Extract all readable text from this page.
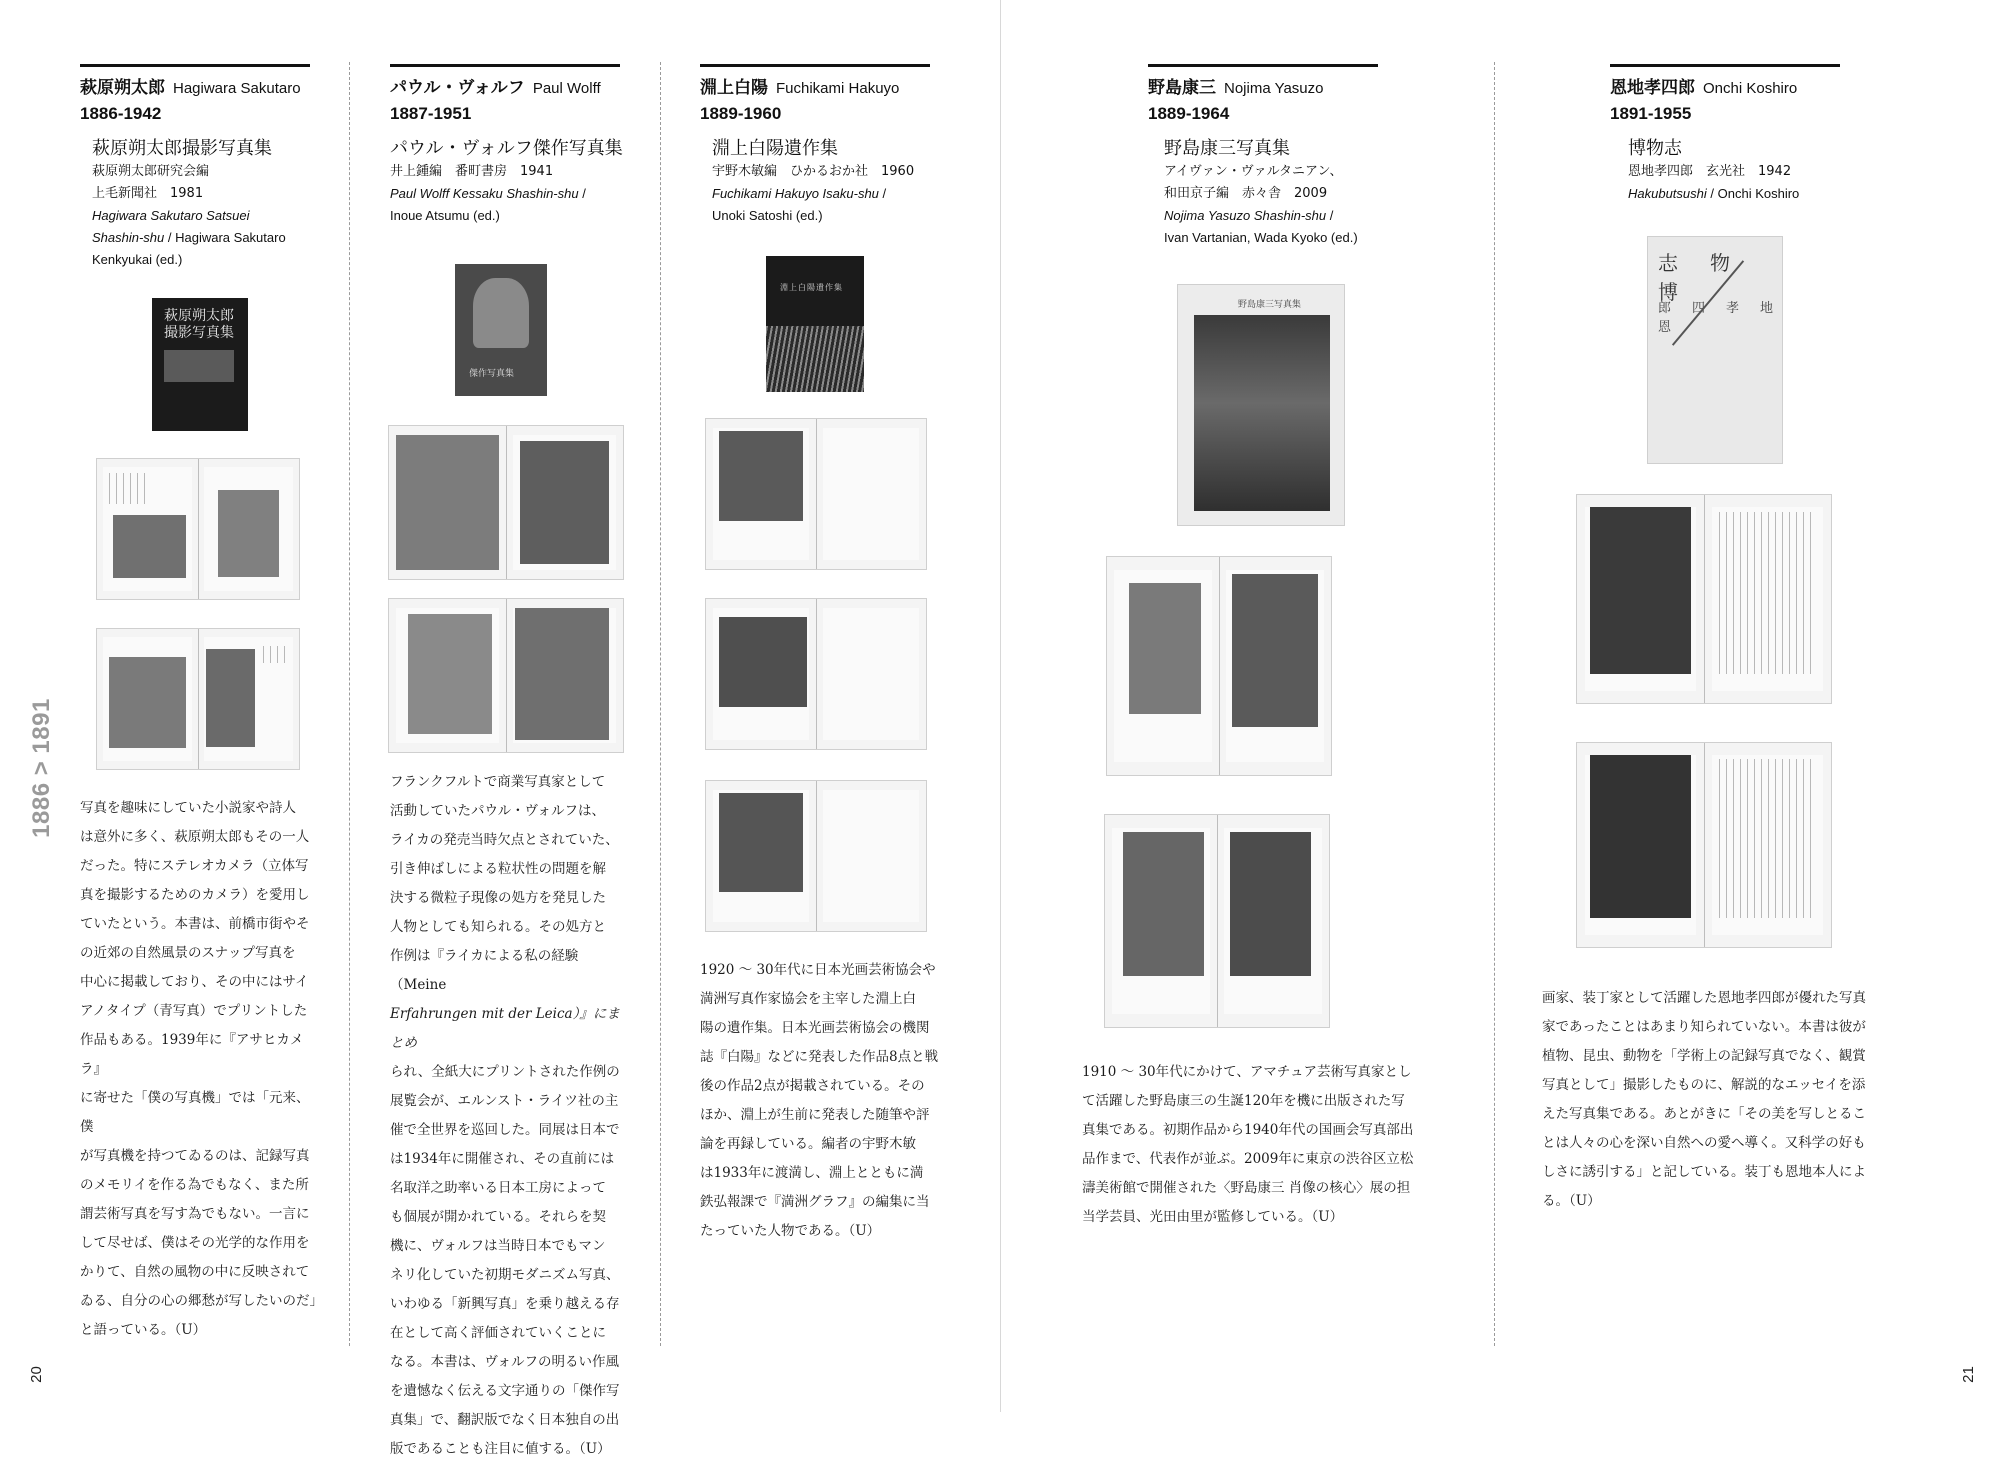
1886 > 1891
20	21
萩原朔太郎 Hagiwara Sakutaro
1886-1942
萩原朔太郎撮影写真集
萩原朔太郎研究会編
上毛新聞社　1981
Hagiwara Sakutaro Satsuei
Shashin-shu / Hagiwara Sakutaro
Kenkyukai (ed.)
萩原朔太郎
撮影写真集

写真を趣味にしていた小説家や詩人

は意外に多く、萩原朔太郎もその一人

だった。特にステレオカメラ（立体写

真を撮影するためのカメラ）を愛用し

ていたという。本書は、前橋市街やそ

の近郊の自然風景のスナップ写真を

中心に掲載しており、その中にはサイ

アノタイプ（青写真）でプリントした

作品もある。1939年に『アサヒカメラ』

に寄せた「僕の写真機」では「元来、僕

が写真機を持つてゐるのは、記録写真

のメモリイを作る為でもなく、また所

謂芸術写真を写す為でもない。一言に

して尽せば、僕はその光学的な作用を

かりて、自然の風物の中に反映されて

ゐる、自分の心の郷愁が写したいのだ」

と語っている。（U）

パウル・ヴォルフ Paul Wolff
1887-1951
パウル・ヴォルフ傑作写真集
井上鍾編　番町書房　1941
Paul Wolff Kessaku Shashin-shu /
Inoue Atsumu (ed.)
傑作写真集

フランクフルトで商業写真家として

活動していたパウル・ヴォルフは、

ライカの発売当時欠点とされていた、

引き伸ばしによる粒状性の問題を解

決する微粒子現像の処方を発見した

人物としても知られる。その処方と

作例は『ライカによる私の経験（Meine

Erfahrungen mit der Leica）』にまとめ

られ、全紙大にプリントされた作例の

展覧会が、エルンスト・ライツ社の主

催で全世界を巡回した。同展は日本で

は1934年に開催され、その直前には

名取洋之助率いる日本工房によって

も個展が開かれている。それらを契

機に、ヴォルフは当時日本でもマン

ネリ化していた初期モダニズム写真、

いわゆる「新興写真」を乗り越える存

在として高く評価されていくことに

なる。本書は、ヴォルフの明るい作風

を遺憾なく伝える文字通りの「傑作写

真集」で、翻訳版でなく日本独自の出

版であることも注目に値する。（U）

淵上白陽 Fuchikami Hakuyo
1889-1960
淵上白陽遺作集
宇野木敏編　ひかるおか社　1960
Fuchikami Hakuyo Isaku-shu /
Unoki Satoshi (ed.)
淵上白陽遺作集

1920 ～ 30年代に日本光画芸術協会や

満洲写真作家協会を主宰した淵上白

陽の遺作集。日本光画芸術協会の機関

誌『白陽』などに発表した作品8点と戦

後の作品2点が掲載されている。その

ほか、淵上が生前に発表した随筆や評

論を再録している。編者の宇野木敏

は1933年に渡満し、淵上とともに満

鉄弘報課で『満洲グラフ』の編集に当

たっていた人物である。（U）

野島康三 Nojima Yasuzo
1889-1964
野島康三写真集
アイヴァン・ヴァルタニアン、
和田京子編　赤々舎　2009
Nojima Yasuzo Shashin-shu /
Ivan Vartanian, Wada Kyoko (ed.)
野島康三写真集

1910 ～ 30年代にかけて、アマチュア芸術写真家とし

て活躍した野島康三の生誕120年を機に出版された写

真集である。初期作品から1940年代の国画会写真部出

品作まで、代表作が並ぶ。2009年に東京の渋谷区立松

濤美術館で開催された〈野島康三 肖像の核心〉展の担

当学芸員、光田由里が監修している。（U）

恩地孝四郎 Onchi Koshiro
1891-1955
博物志
恩地孝四郎　玄光社　1942
Hakubutsushi / Onchi Koshiro
志　物　博
郎　四　孝　地　恩

画家、装丁家として活躍した恩地孝四郎が優れた写真

家であったことはあまり知られていない。本書は彼が

植物、昆虫、動物を「学術上の記録写真でなく、観賞

写真として」撮影したものに、解説的なエッセイを添

えた写真集である。あとがきに「その美を写しとるこ

とは人々の心を深い自然への愛へ導く。又科学の好も

しさに誘引する」と記している。装丁も恩地本人によ

る。（U）
